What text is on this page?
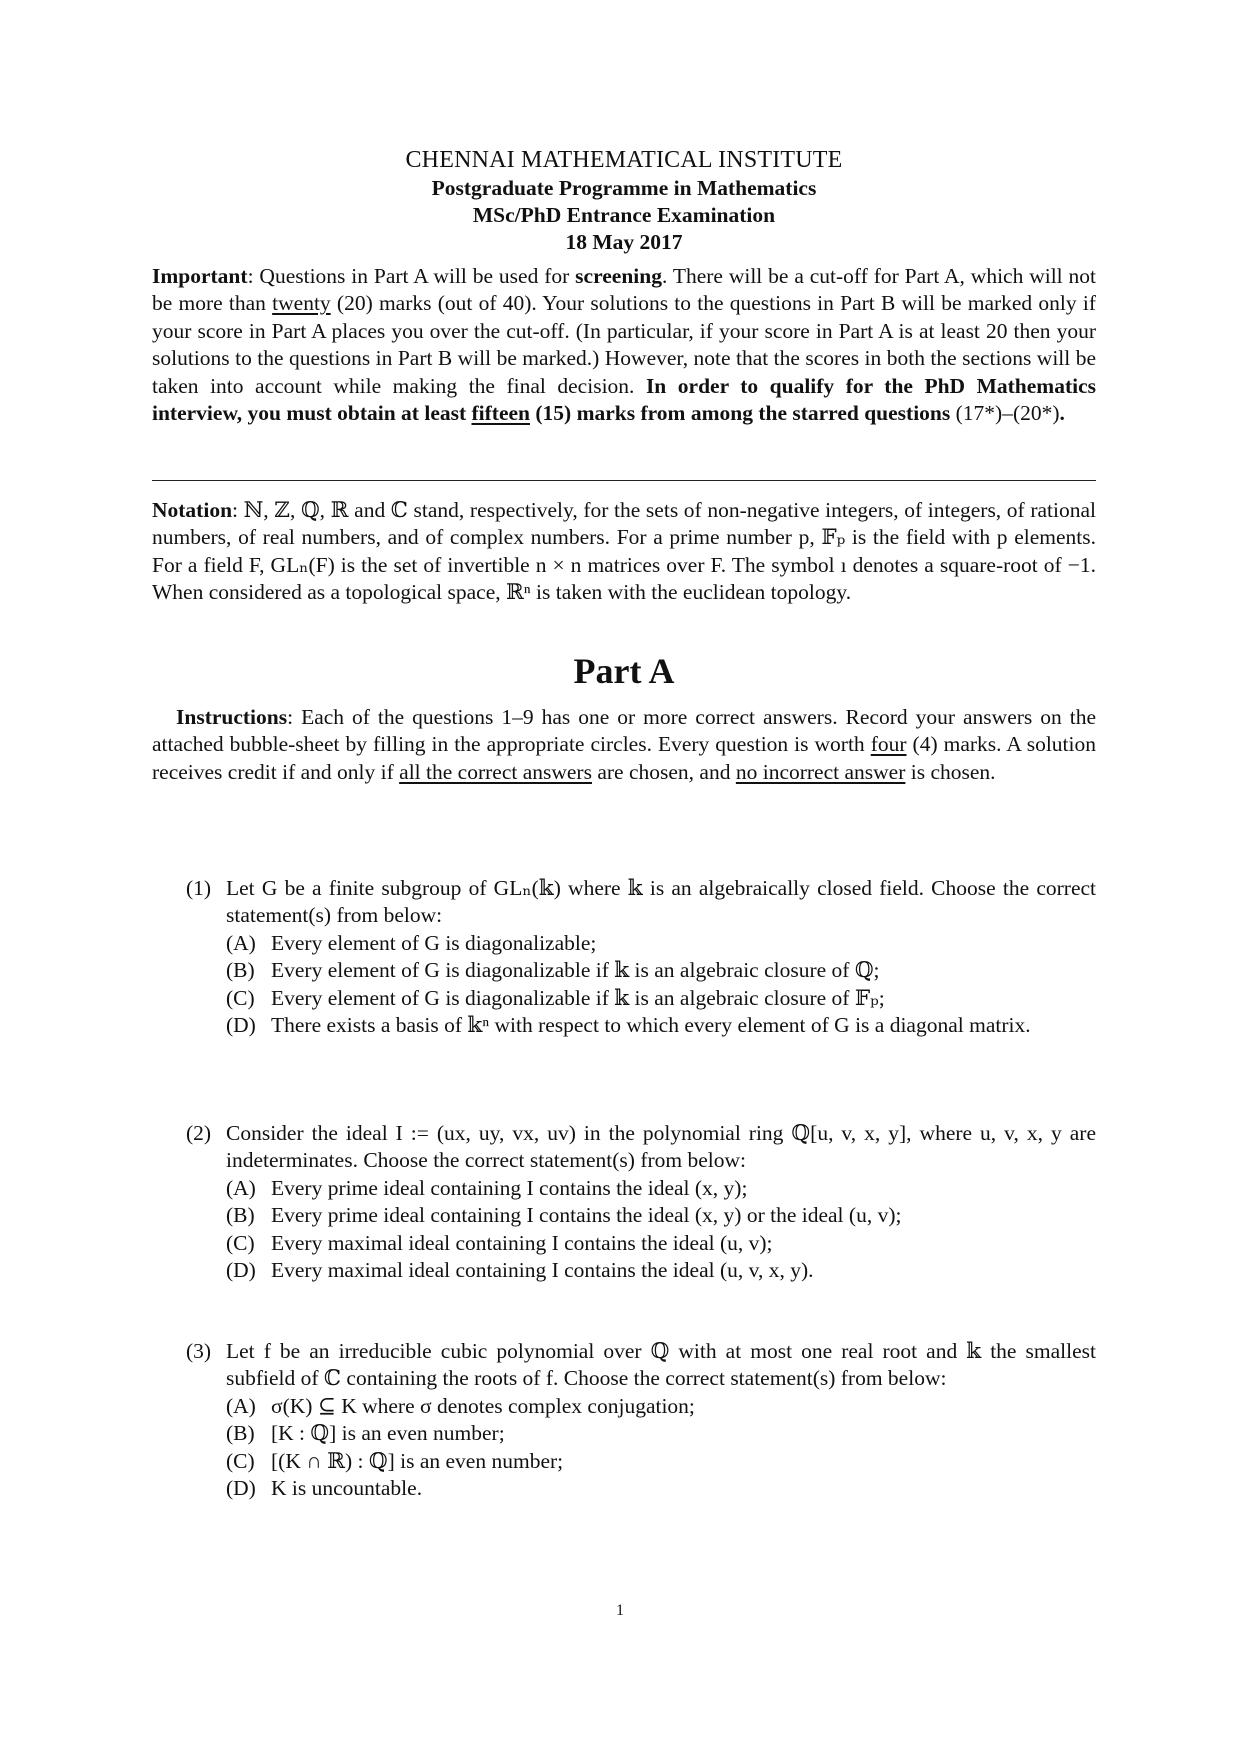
CHENNAI MATHEMATICAL INSTITUTE
Postgraduate Programme in Mathematics
MSc/PhD Entrance Examination
18 May 2017

Important: Questions in Part A will be used for screening. There will be a cut-off for Part A, which will not be more than twenty (20) marks (out of 40). Your solutions to the questions in Part B will be marked only if your score in Part A places you over the cut-off. (In particular, if your score in Part A is at least 20 then your solutions to the questions in Part B will be marked.) However, note that the scores in both the sections will be taken into account while making the final decision. In order to qualify for the PhD Mathematics interview, you must obtain at least fifteen (15) marks from among the starred questions (17*)–(20*).

Notation: ℕ, ℤ, ℚ, ℝ and ℂ stand, respectively, for the sets of non-negative integers, of integers, of rational numbers, of real numbers, and of complex numbers. For a prime number p, 𝔽ₚ is the field with p elements. For a field F, GLₙ(F) is the set of invertible n × n matrices over F. The symbol ı denotes a square-root of −1. When considered as a topological space, ℝⁿ is taken with the euclidean topology.

Part A

Instructions: Each of the questions 1–9 has one or more correct answers. Record your answers on the attached bubble-sheet by filling in the appropriate circles. Every question is worth four (4) marks. A solution receives credit if and only if all the correct answers are chosen, and no incorrect answer is chosen.

(1) Let G be a finite subgroup of GLₙ(𝕜) where 𝕜 is an algebraically closed field. Choose the correct statement(s) from below:
(A) Every element of G is diagonalizable;
(B) Every element of G is diagonalizable if 𝕜 is an algebraic closure of ℚ;
(C) Every element of G is diagonalizable if 𝕜 is an algebraic closure of 𝔽ₚ;
(D) There exists a basis of 𝕜ⁿ with respect to which every element of G is a diagonal matrix.
(2) Consider the ideal I := (ux, uy, vx, uv) in the polynomial ring ℚ[u, v, x, y], where u, v, x, y are indeterminates. Choose the correct statement(s) from below:
(A) Every prime ideal containing I contains the ideal (x, y);
(B) Every prime ideal containing I contains the ideal (x, y) or the ideal (u, v);
(C) Every maximal ideal containing I contains the ideal (u, v);
(D) Every maximal ideal containing I contains the ideal (u, v, x, y).
(3) Let f be an irreducible cubic polynomial over ℚ with at most one real root and 𝕜 the smallest subfield of ℂ containing the roots of f. Choose the correct statement(s) from below:
(A) σ(K) ⊆ K where σ denotes complex conjugation;
(B) [K : ℚ] is an even number;
(C) [(K ∩ ℝ) : ℚ] is an even number;
(D) K is uncountable.
1
